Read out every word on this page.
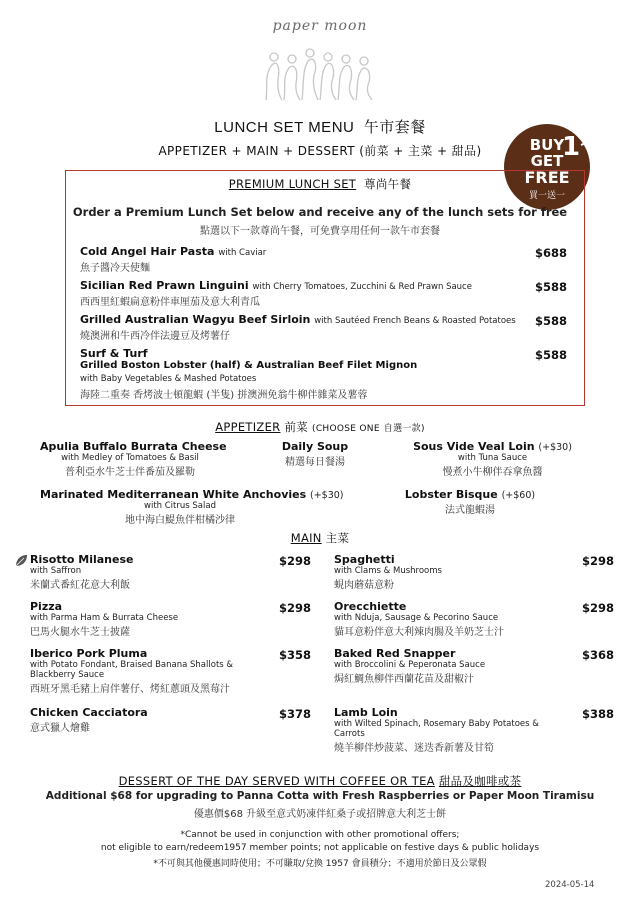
paper moon
LUNCH SET MENU 午市套餐
APPETIZER + MAIN + DESSERT (前菜 + 主菜 + 甜品)	BUY
GET
FREE
1*
買一送一
PREMIUM LUNCH SET 尊尚午餐
Order a Premium Lunch Set below and receive any of the lunch sets for free
點選以下一款尊尚午餐，可免費享用任何一款午市套餐
Cold Angel Hair Pasta with Caviar
魚子醬冷天使麵
$688
Sicilian Red Prawn Linguini with Cherry Tomatoes, Zucchini & Red Prawn Sauce
西西里紅蝦扁意粉伴車厘茄及意大利青瓜
$588
Grilled Australian Wagyu Beef Sirloin with Sautéed French Beans & Roasted Potatoes
燒澳洲和牛西冷伴法邊豆及烤薯仔
$588
Surf & Turf
Grilled Boston Lobster (half) & Australian Beef Filet Mignon
with Baby Vegetables & Mashed Potatoes
海陸二重奏 香烤波士頓龍蝦 (半隻) 拼澳洲免翁牛柳伴雜菜及薯蓉
$588
APPETIZER 前菜 (CHOOSE ONE 自選一款)
Apulia Buffalo Burrata Cheese
with Medley of Tomatoes & Basil
普利亞水牛芝士伴番茄及羅勒
Daily Soup
精選每日餐湯
Sous Vide Veal Loin (+$30)
with Tuna Sauce
慢煮小牛柳伴吞拿魚醬
Marinated Mediterranean White Anchovies (+$30)
with Citrus Salad
地中海白鯷魚伴柑橘沙律
Lobster Bisque (+$60)
法式龍蝦湯
MAIN 主菜
Risotto Milanese
with Saffron
米蘭式番紅花意大利飯
$298 Spaghetti
with Clams & Mushrooms
蜆肉蘑菇意粉
$298
Pizza
with Parma Ham & Burrata Cheese
巴馬火腿水牛芝士披薩
$298 Orecchiette
with Nduja, Sausage & Pecorino Sauce
貓耳意粉伴意大利辣肉腸及羊奶芝士汁
$298
Iberico Pork Pluma
with Potato Fondant, Braised Banana Shallots &
Blackberry Sauce
西班牙黑毛豬上肩伴薯仔、烤紅蔥頭及黑莓汁
$358 Baked Red Snapper
with Broccolini & Peperonata Sauce
焗紅鯛魚柳伴西蘭花苗及甜椒汁
$368
Chicken Cacciatora
意式獵人燴雞
$378 Lamb Loin
with Wilted Spinach, Rosemary Baby Potatoes &
Carrots
燒羊柳伴炒菠菜、迷迭香新薯及甘筍
$388
DESSERT OF THE DAY SERVED WITH COFFEE OR TEA 甜品及咖啡或茶
Additional $68 for upgrading to Panna Cotta with Fresh Raspberries or Paper Moon Tiramisu
優惠價$68 升級至意式奶凍伴紅桑子或招牌意大利芝士餅
*Cannot be used in conjunction with other promotional offers;
not eligible to earn/redeem1957 member points; not applicable on festive days & public holidays
*不可與其他優惠同時使用；不可賺取/兌換 1957 會員積分；不適用於節日及公眾假
2024-05-14
